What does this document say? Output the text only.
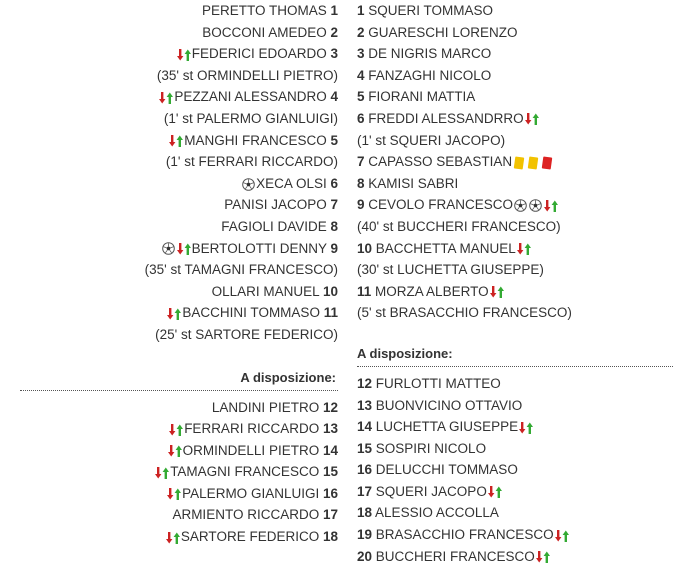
PERETTO THOMAS 1
BOCCONI AMEDEO 2
FEDERICI EDOARDO 3
(35' st ORMINDELLI PIETRO)
PEZZANI ALESSANDRO 4
(1' st PALERMO GIANLUIGI)
MANGHI FRANCESCO 5
(1' st FERRARI RICCARDO)
XECA OLSI 6
PANISI JACOPO 7
FAGIOLI DAVIDE 8
BERTOLOTTI DENNY 9
(35' st TAMAGNI FRANCESCO)
OLLARI MANUEL 10
BACCHINI TOMMASO 11
(25' st SARTORE FEDERICO)
A disposizione:
LANDINI PIETRO 12
FERRARI RICCARDO 13
ORMINDELLI PIETRO 14
TAMAGNI FRANCESCO 15
PALERMO GIANLUIGI 16
ARMIENTO RICCARDO 17
SARTORE FEDERICO 18
1 SQUERI TOMMASO
2 GUARESCHI LORENZO
3 DE NIGRIS MARCO
4 FANZAGHI NICOLO
5 FIORANI MATTIA
6 FREDDI ALESSANDRRO
(1' st SQUERI JACOPO)
7 CAPASSO SEBASTIAN
8 KAMISI SABRI
9 CEVOLO FRANCESCO
(40' st BUCCHERI FRANCESCO)
10 BACCHETTA MANUEL
(30' st LUCHETTA GIUSEPPE)
11 MORZA ALBERTO
(5' st BRASACCHIO FRANCESCO)
A disposizione:
12 FURLOTTI MATTEO
13 BUONVICINO OTTAVIO
14 LUCHETTA GIUSEPPE
15 SOSPIRI NICOLO
16 DELUCCHI TOMMASO
17 SQUERI JACOPO
18 ALESSIO ACCOLLA
19 BRASACCHIO FRANCESCO
20 BUCCHERI FRANCESCO
